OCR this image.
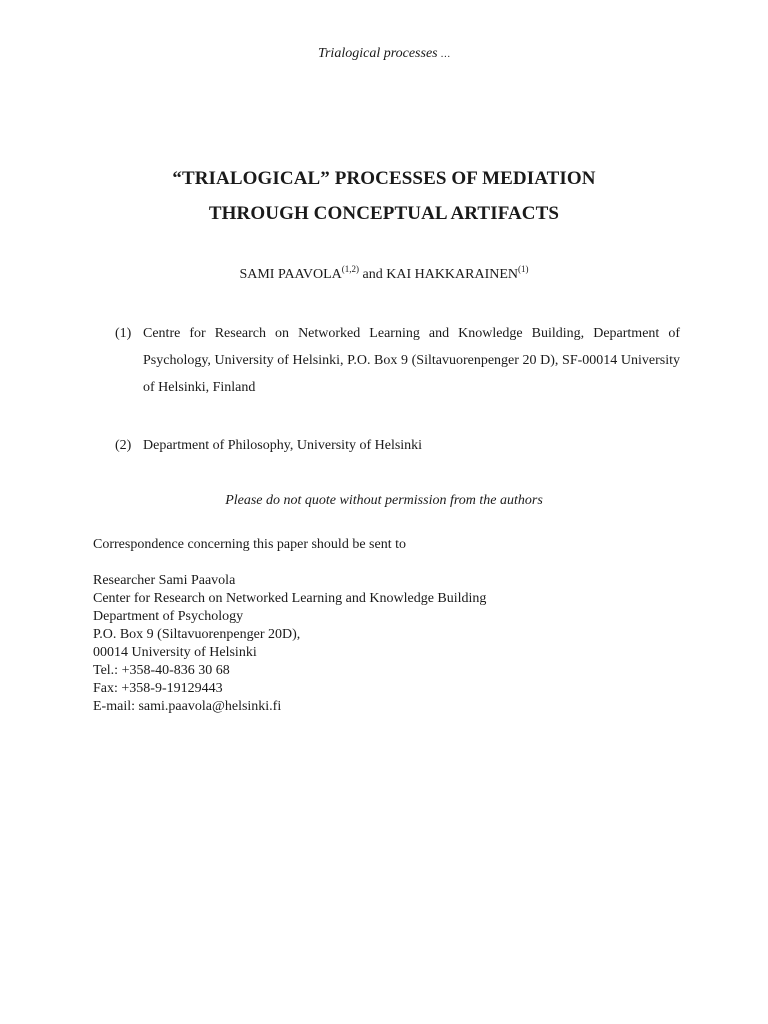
Trialogical processes …
“TRIALOGICAL” PROCESSES OF MEDIATION
THROUGH CONCEPTUAL ARTIFACTS
SAMI PAAVOLA$^{(1,2)}$ and KAI HAKKARAINEN$^{(1)}$
(1) Centre for Research on Networked Learning and Knowledge Building, Department of Psychology, University of Helsinki, P.O. Box 9 (Siltavuorenpenger 20 D), SF-00014 University of Helsinki, Finland
(2) Department of Philosophy, University of Helsinki
Please do not quote without permission from the authors
Correspondence concerning this paper should be sent to
Researcher Sami Paavola
Center for Research on Networked Learning and Knowledge Building
Department of Psychology
P.O. Box 9 (Siltavuorenpenger 20D),
00014 University of Helsinki
Tel.: +358-40-836 30 68
Fax: +358-9-19129443
E-mail: sami.paavola@helsinki.fi
